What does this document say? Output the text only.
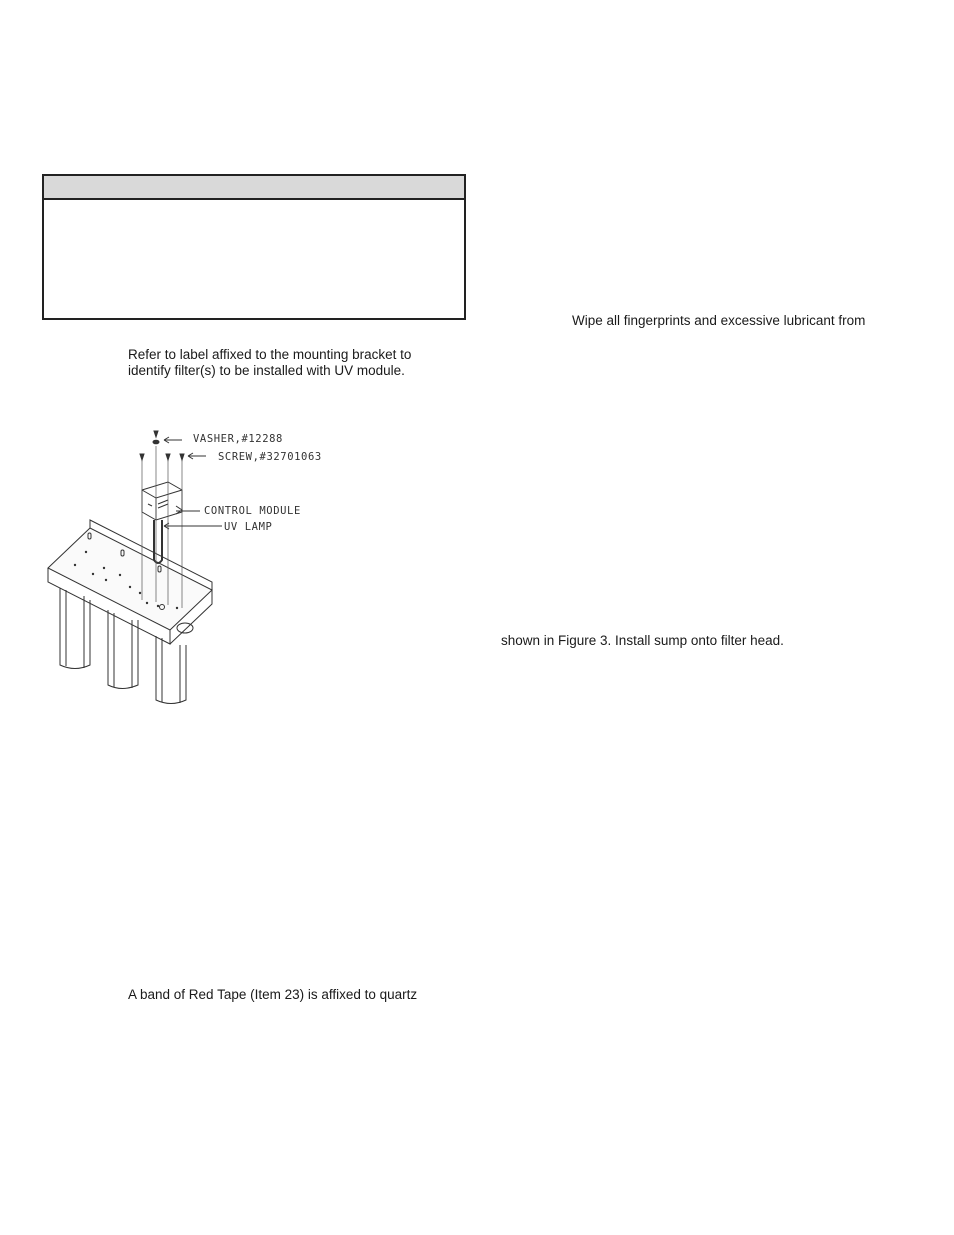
Refer to label affixed to the mounting bracket to
identify filter(s) to be installed with UV module.
Wipe all fingerprints and excessive lubricant from
shown in Figure 3. Install sump onto filter head.
A band of Red Tape (Item 23) is affixed to quartz
VASHER,#12288
SCREW,#32701063
CONTROL MODULE
UV LAMP
